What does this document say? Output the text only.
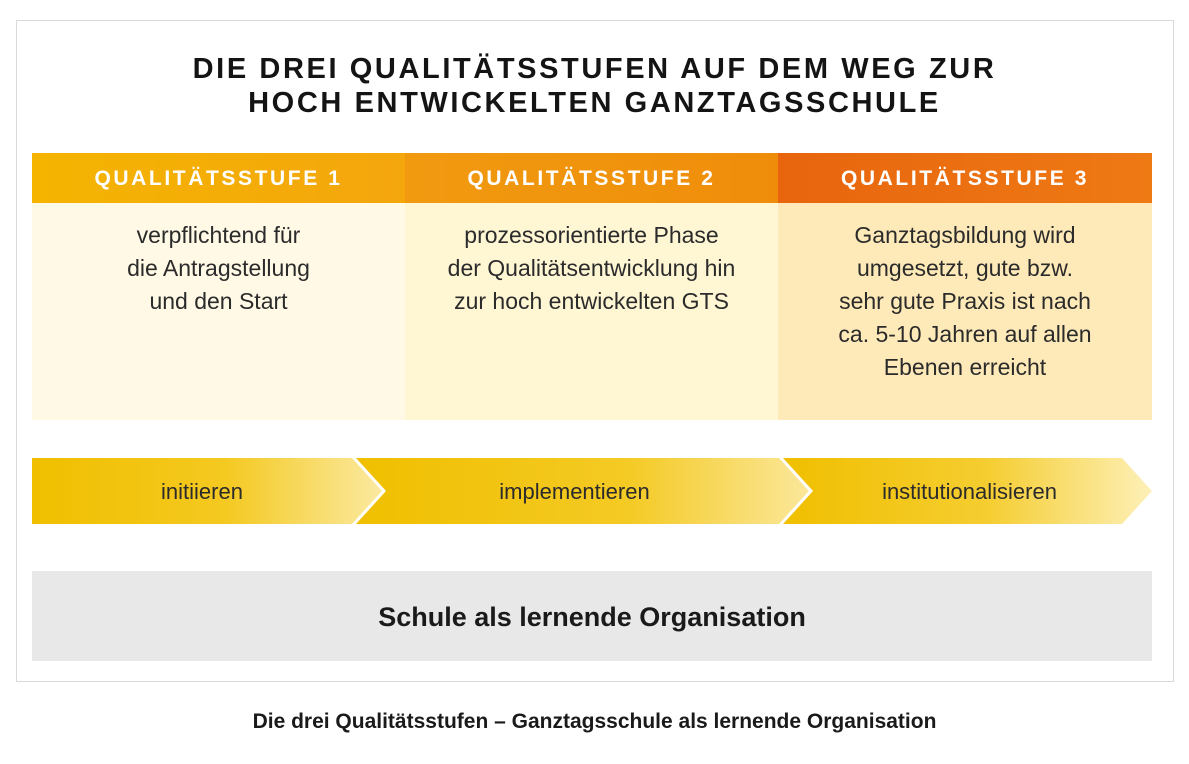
DIE DREI QUALITÄTSSTUFEN AUF DEM WEG ZUR
HOCH ENTWICKELTEN GANZTAGSSCHULE
QUALITÄTSSTUFE 1
verpflichtend für
die Antragstellung
und den Start
QUALITÄTSSTUFE 2
prozessorientierte Phase
der Qualitätsentwicklung hin
zur hoch entwickelten GTS
QUALITÄTSSTUFE 3
Ganztagsbildung wird
umgesetzt, gute bzw.
sehr gute Praxis ist nach
ca. 5-10 Jahren auf allen
Ebenen erreicht
initiieren	implementieren	institutionalisieren
Schule als lernende Organisation
Die drei Qualitätsstufen – Ganztagsschule als lernende Organisation
